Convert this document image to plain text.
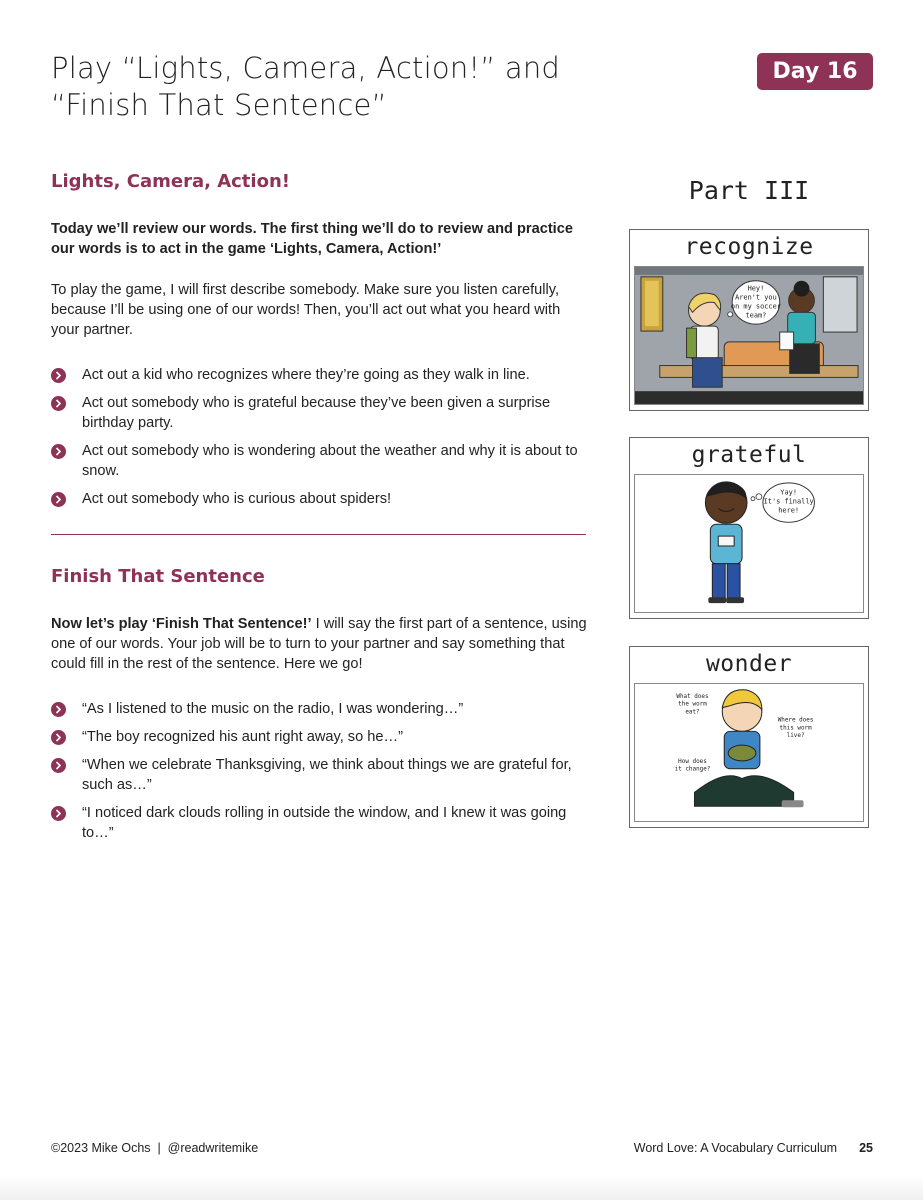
Play “Lights, Camera, Action!” and “Finish That Sentence”
Day 16
Lights, Camera, Action!

Today we’ll review our words. The first thing we’ll do to review and practice our words is to act in the game ‘Lights, Camera, Action!’

To play the game, I will first describe somebody. Make sure you listen carefully, because I’ll be using one of our words! Then, you’ll act out what you heard with your partner.

Act out a kid who recognizes where they’re going as they walk in line.
Act out somebody who is grateful because they’ve been given a surprise birthday party.
Act out somebody who is wondering about the weather and why it is about to snow.
Act out somebody who is curious about spiders!
Finish That Sentence

Now let’s play ‘Finish That Sentence!’ I will say the first part of a sentence, using one of our words. Your job will be to turn to your partner and say something that could fill in the rest of the sentence. Here we go!

“As I listened to the music on the radio, I was wondering…”
“The boy recognized his aunt right away, so he…”
“When we celebrate Thanksgiving, we think about things we are grateful for, such as…”
“I noticed dark clouds rolling in outside the window, and I knew it was going to…”
Part III
recognize
Hey!
Aren't you
on my soccer
team?
grateful
Yay!
It's finally
here!
wonder
What does
the worm
eat?
Where does
this worm
live?
How does
it change?
©2023 Mike Ochs  |  @readwritemike	Word Love: A Vocabulary Curriculum 25
